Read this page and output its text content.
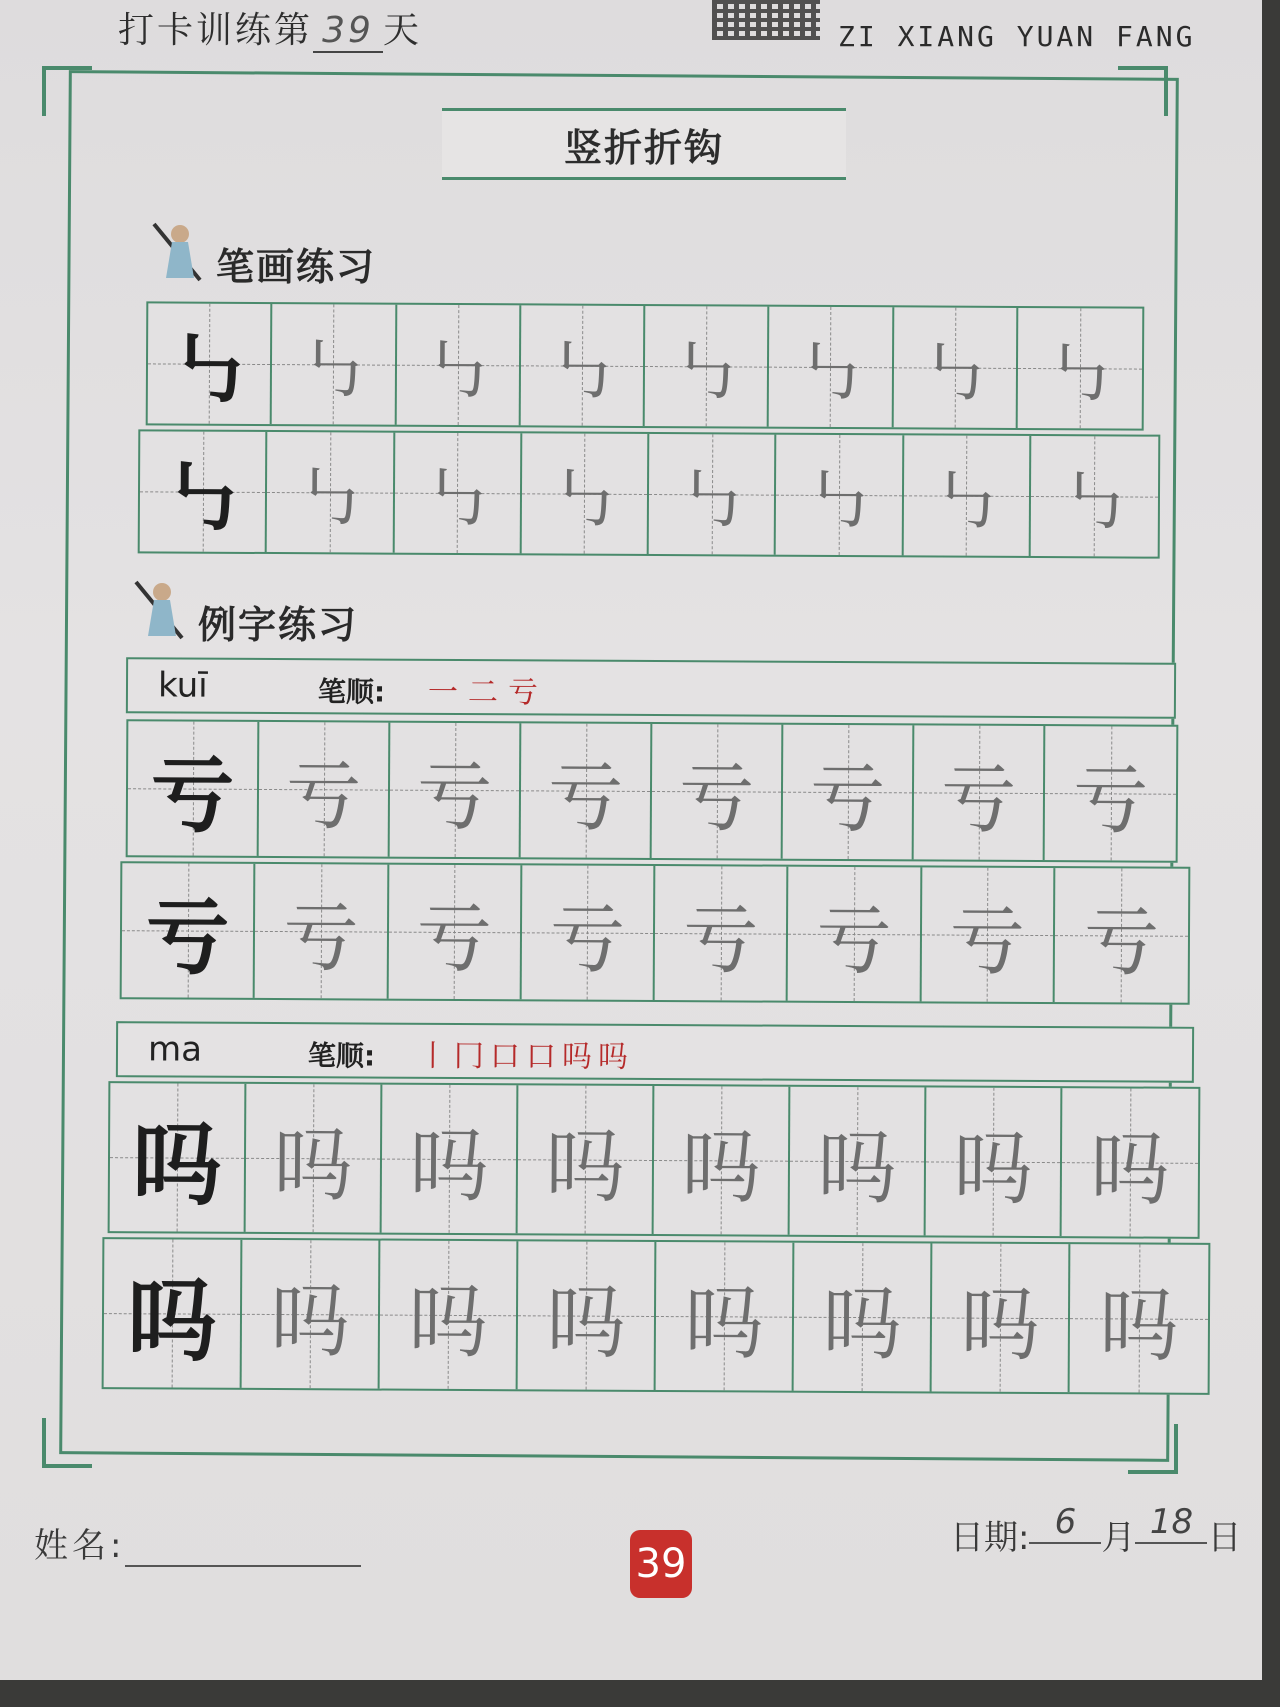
打卡训练第 39 天	ZI XIANG YUAN FANG
竖折折钩
笔画练习
㇉ ㇉ ㇉ ㇉ ㇉ ㇉ ㇉ ㇉
㇉ ㇉ ㇉ ㇉ ㇉ ㇉ ㇉ ㇉
例字练习
kuī	笔顺: 一二亏
亏 亏 亏 亏 亏 亏 亏 亏
亏 亏 亏 亏 亏 亏 亏 亏
ma	笔顺: 丨冂口口吗吗
吗 吗 吗 吗 吗 吗 吗 吗
吗 吗 吗 吗 吗 吗 吗 吗
姓名:	39
日期: 6 月 18 日
